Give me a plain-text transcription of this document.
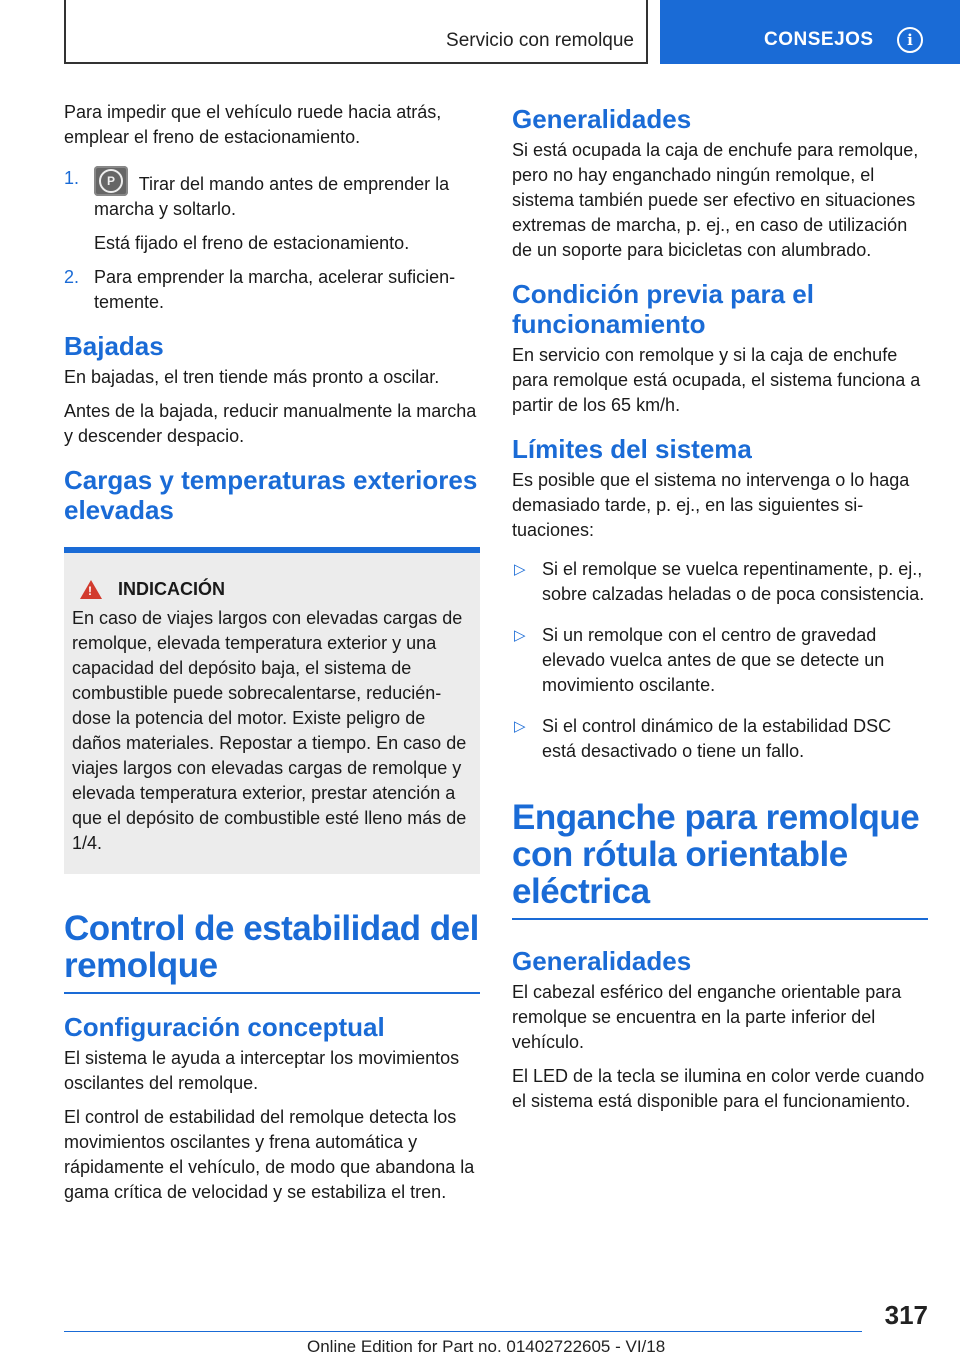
Servicio con remolque	CONSEJOS	i

Para impedir que el vehículo ruede hacia atrás, emplear el freno de estacionamiento.

1.	P	Tirar del mando antes de emprender la marcha y soltarlo.
Está fijado el freno de estacionamiento.
2. Para emprender la marcha, acelerar suficientemente.
Bajadas

En bajadas, el tren tiende más pronto a oscilar.

Antes de la bajada, reducir manualmente la marcha y descender despacio.

Cargas y temperaturas exteriores elevadas
! INDICACIÓN

En caso de viajes largos con elevadas cargas de remolque, elevada temperatura exterior y una capacidad del depósito baja, el sistema de combustible puede sobrecalentarse, reduciéndose la potencia del motor. Existe peligro de daños materiales. Repostar a tiempo. En caso de viajes largos con elevadas cargas de remolque y elevada temperatura exterior, prestar atención a que el depósito de combustible esté lleno más de 1/4.

Control de estabilidad del remolque
Configuración conceptual

El sistema le ayuda a interceptar los movimientos oscilantes del remolque.

El control de estabilidad del remolque detecta los movimientos oscilantes y frena automática y rápidamente el vehículo, de modo que abandona la gama crítica de velocidad y se estabiliza el tren.

Generalidades

Si está ocupada la caja de enchufe para remolque, pero no hay enganchado ningún remolque, el sistema también puede ser efectivo en situaciones extremas de marcha, p. ej., en caso de utilización de un soporte para bicicletas con alumbrado.

Condición previa para el funcionamiento

En servicio con remolque y si la caja de enchufe para remolque está ocupada, el sistema funciona a partir de los 65 km/h.

Límites del sistema

Es posible que el sistema no intervenga o lo haga demasiado tarde, p. ej., en las siguientes situaciones:

▷ Si el remolque se vuelca repentinamente, p. ej., sobre calzadas heladas o de poca consistencia.
▷ Si un remolque con el centro de gravedad elevado vuelca antes de que se detecte un movimiento oscilante.
▷ Si el control dinámico de la estabilidad DSC está desactivado o tiene un fallo.
Enganche para remolque con rótula orientable eléctrica
Generalidades

El cabezal esférico del enganche orientable para remolque se encuentra en la parte inferior del vehículo.

El LED de la tecla se ilumina en color verde cuando el sistema está disponible para el funcionamiento.

317
Online Edition for Part no. 01402722605 - VI/18
